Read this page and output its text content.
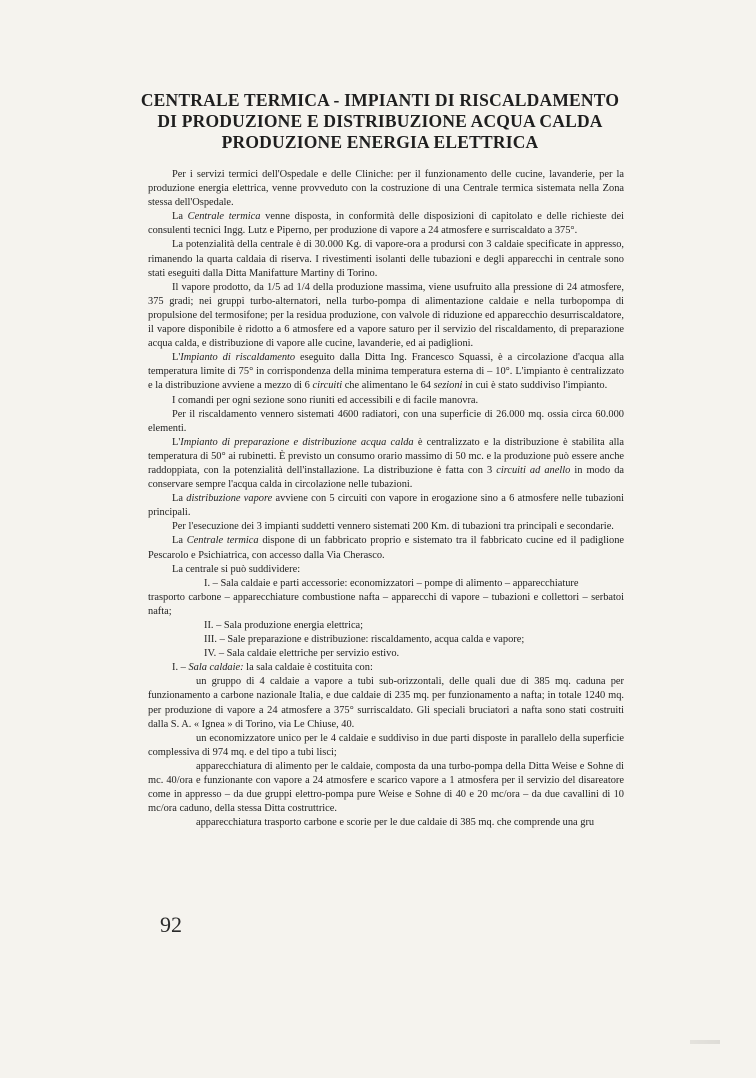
CENTRALE TERMICA - IMPIANTI DI RISCALDAMENTO
DI PRODUZIONE E DISTRIBUZIONE ACQUA CALDA
PRODUZIONE ENERGIA ELETTRICA

Per i servizi termici dell'Ospedale e delle Cliniche: per il funzionamento delle cucine, lavanderie, per la produzione energia elettrica, venne provveduto con la costruzione di una Centrale termica sistemata nella Zona stessa dell'Ospedale.

La Centrale termica venne disposta, in conformità delle disposizioni di capitolato e delle richieste dei consulenti tecnici Ingg. Lutz e Piperno, per produzione di vapore a 24 atmosfere e surriscaldato a 375°.

La potenzialità della centrale è di 30.000 Kg. di vapore-ora a prodursi con 3 caldaie specificate in appresso, rimanendo la quarta caldaia di riserva. I rivestimenti isolanti delle tubazioni e degli apparecchi in centrale sono stati eseguiti dalla Ditta Manifatture Martiny di Torino.

Il vapore prodotto, da 1/5 ad 1/4 della produzione massima, viene usufruito alla pressione di 24 atmosfere, 375 gradi; nei gruppi turbo-alternatori, nella turbo-pompa di alimentazione caldaie e nella turbopompa di propulsione del termosifone; per la residua produzione, con valvole di riduzione ed apparecchio desurriscaldatore, il vapore disponibile è ridotto a 6 atmosfere ed a vapore saturo per il servizio del riscaldamento, di preparazione acqua calda, e distribuzione di vapore alle cucine, lavanderie, ed ai padiglioni.

L'Impianto di riscaldamento eseguito dalla Ditta Ing. Francesco Squassi, è a circolazione d'acqua alla temperatura limite di 75° in corrispondenza della minima temperatura esterna di – 10°. L'impianto è centralizzato e la distribuzione avviene a mezzo di 6 circuiti che alimentano le 64 sezioni in cui è stato suddiviso l'impianto.

I comandi per ogni sezione sono riuniti ed accessibili e di facile manovra.

Per il riscaldamento vennero sistemati 4600 radiatori, con una superficie di 26.000 mq. ossia circa 60.000 elementi.

L'Impianto di preparazione e distribuzione acqua calda è centralizzato e la distribuzione è stabilita alla temperatura di 50° ai rubinetti. È previsto un consumo orario massimo di 50 mc. e la produzione può essere anche raddoppiata, con la potenzialità dell'installazione. La distribuzione è fatta con 3 circuiti ad anello in modo da conservare sempre l'acqua calda in circolazione nelle tubazioni.

La distribuzione vapore avviene con 5 circuiti con vapore in erogazione sino a 6 atmosfere nelle tubazioni principali.

Per l'esecuzione dei 3 impianti suddetti vennero sistemati 200 Km. di tubazioni tra principali e secondarie.

La Centrale termica dispone di un fabbricato proprio e sistemato tra il fabbricato cucine ed il padiglione Pescarolo e Psichiatrica, con accesso dalla Via Cherasco.

La centrale si può suddividere:

I. – Sala caldaie e parti accessorie: economizzatori – pompe di alimento – apparecchiature

trasporto carbone – apparecchiature combustione nafta – apparecchi di vapore – tubazioni e collettori – serbatoi nafta;

II. – Sala produzione energia elettrica;

III. – Sale preparazione e distribuzione: riscaldamento, acqua calda e vapore;

IV. – Sala caldaie elettriche per servizio estivo.

I. – Sala caldaie: la sala caldaie è costituita con:

un gruppo di 4 caldaie a vapore a tubi sub-orizzontali, delle quali due di 385 mq. caduna per funzionamento a carbone nazionale Italia, e due caldaie di 235 mq. per funzionamento a nafta; in totale 1240 mq. per produzione di vapore a 24 atmosfere a 375° surriscaldato. Gli speciali bruciatori a nafta sono stati costruiti dalla S. A. « Ignea » di Torino, via Le Chiuse, 40.

un economizzatore unico per le 4 caldaie e suddiviso in due parti disposte in parallelo della superficie complessiva di 974 mq. e del tipo a tubi lisci;

apparecchiatura di alimento per le caldaie, composta da una turbo-pompa della Ditta Weise e Sohne di mc. 40/ora e funzionante con vapore a 24 atmosfere e scarico vapore a 1 atmosfera per il servizio del disareatore come in appresso – da due gruppi elettro-pompa pure Weise e Sohne di 40 e 20 mc/ora – da due cavallini di 10 mc/ora caduno, della stessa Ditta costruttrice.

apparecchiatura trasporto carbone e scorie per le due caldaie di 385 mq. che comprende una gru

92
